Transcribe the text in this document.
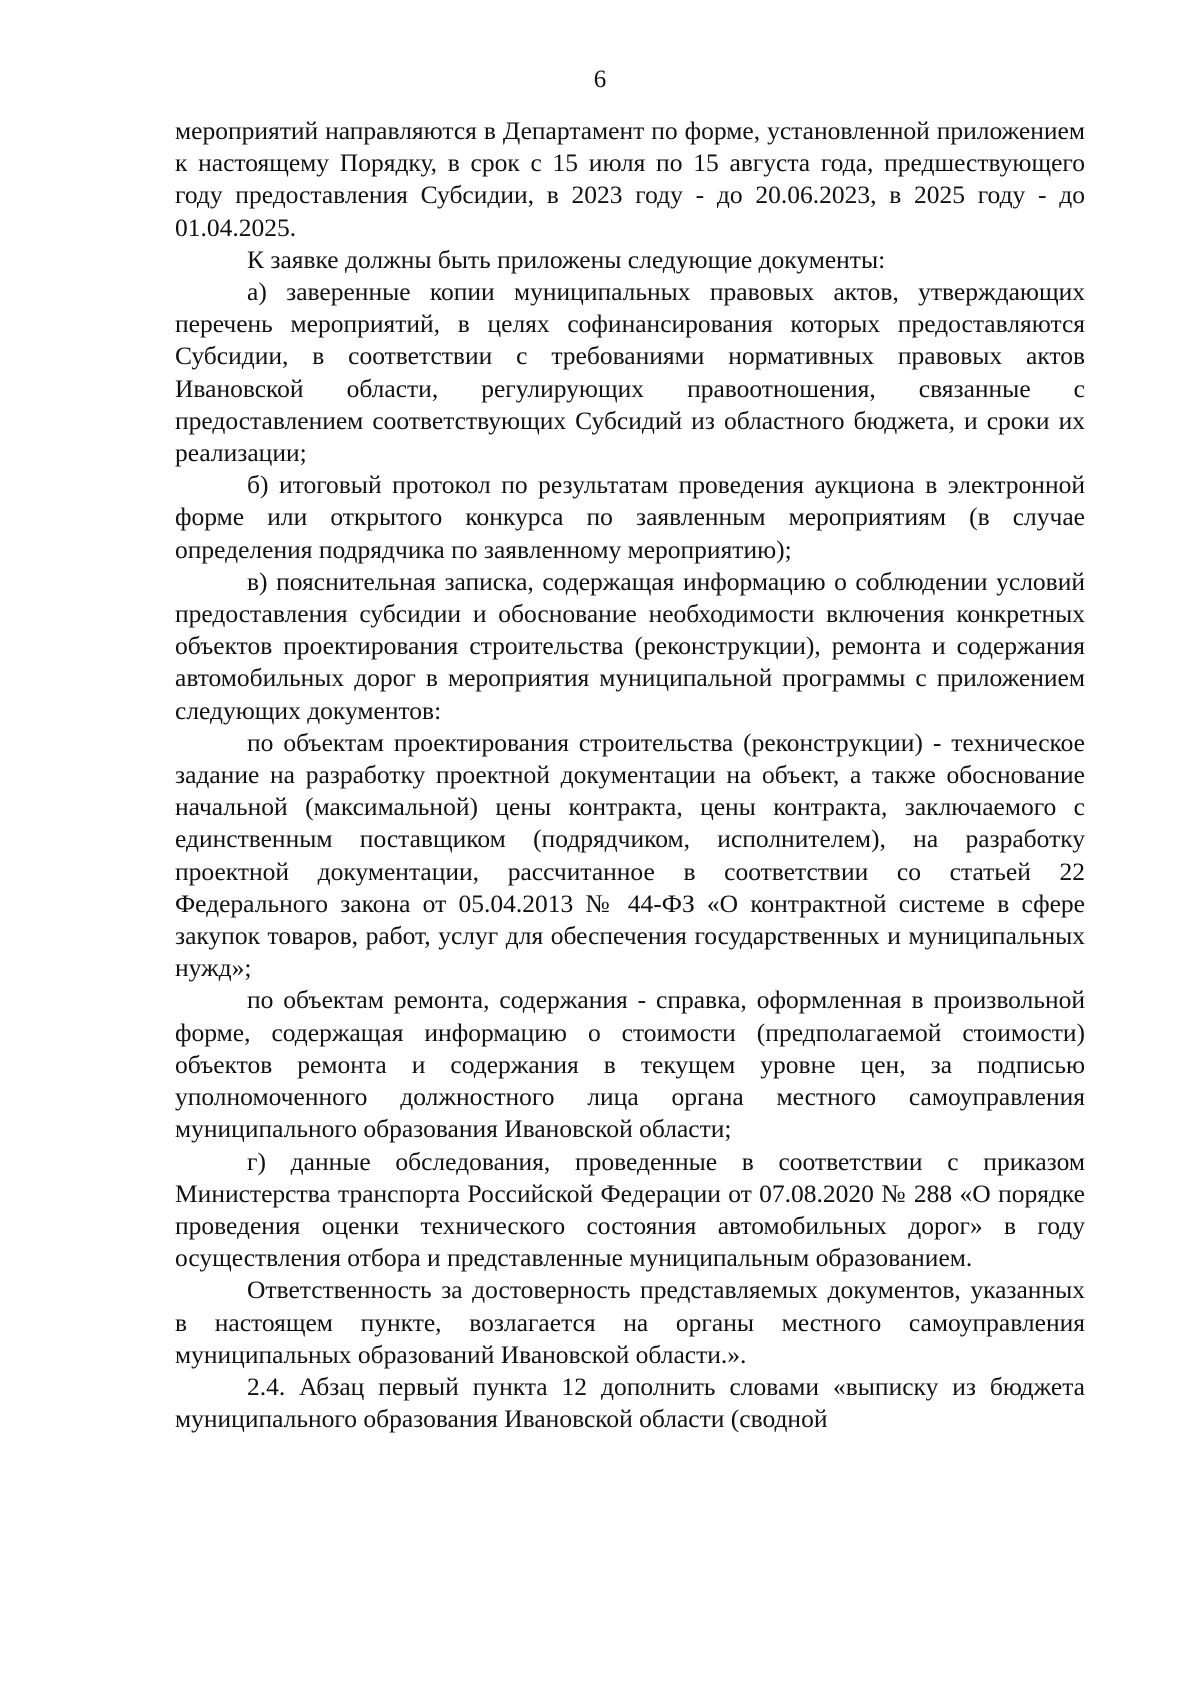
6

мероприятий направляются в Департамент по форме, установленной приложением к настоящему Порядку, в срок с 15 июля по 15 августа года, предшествующего году предоставления Субсидии, в 2023 году - до 20.06.2023, в 2025 году - до 01.04.2025.

К заявке должны быть приложены следующие документы:

а) заверенные копии муниципальных правовых актов, утверждающих перечень мероприятий, в целях софинансирования которых предоставляются Субсидии, в соответствии с требованиями нормативных правовых актов Ивановской области, регулирующих правоотношения, связанные с предоставлением соответствующих Субсидий из областного бюджета, и сроки их реализации;

б) итоговый протокол по результатам проведения аукциона в электронной форме или открытого конкурса по заявленным мероприятиям (в случае определения подрядчика по заявленному мероприятию);

в) пояснительная записка, содержащая информацию о соблюдении условий предоставления субсидии и обоснование необходимости включения конкретных объектов проектирования строительства (реконструкции), ремонта и содержания автомобильных дорог в мероприятия муниципальной программы с приложением следующих документов:

по объектам проектирования строительства (реконструкции) - техническое задание на разработку проектной документации на объект, а также обоснование начальной (максимальной) цены контракта, цены контракта, заключаемого с единственным поставщиком (подрядчиком, исполнителем), на разработку проектной документации, рассчитанное в соответствии со статьей 22 Федерального закона от 05.04.2013 № 44-ФЗ «О контрактной системе в сфере закупок товаров, работ, услуг для обеспечения государственных и муниципальных нужд»;

по объектам ремонта, содержания - справка, оформленная в произвольной форме, содержащая информацию о стоимости (предполагаемой стоимости) объектов ремонта и содержания в текущем уровне цен, за подписью уполномоченного должностного лица органа местного самоуправления муниципального образования Ивановской области;

г) данные обследования, проведенные в соответствии с приказом Министерства транспорта Российской Федерации от 07.08.2020 № 288 «О порядке проведения оценки технического состояния автомобильных дорог» в году осуществления отбора и представленные муниципальным образованием.

Ответственность за достоверность представляемых документов, указанных в настоящем пункте, возлагается на органы местного самоуправления муниципальных образований Ивановской области.».

2.4. Абзац первый пункта 12 дополнить словами «выписку из бюджета муниципального образования Ивановской области (сводной
